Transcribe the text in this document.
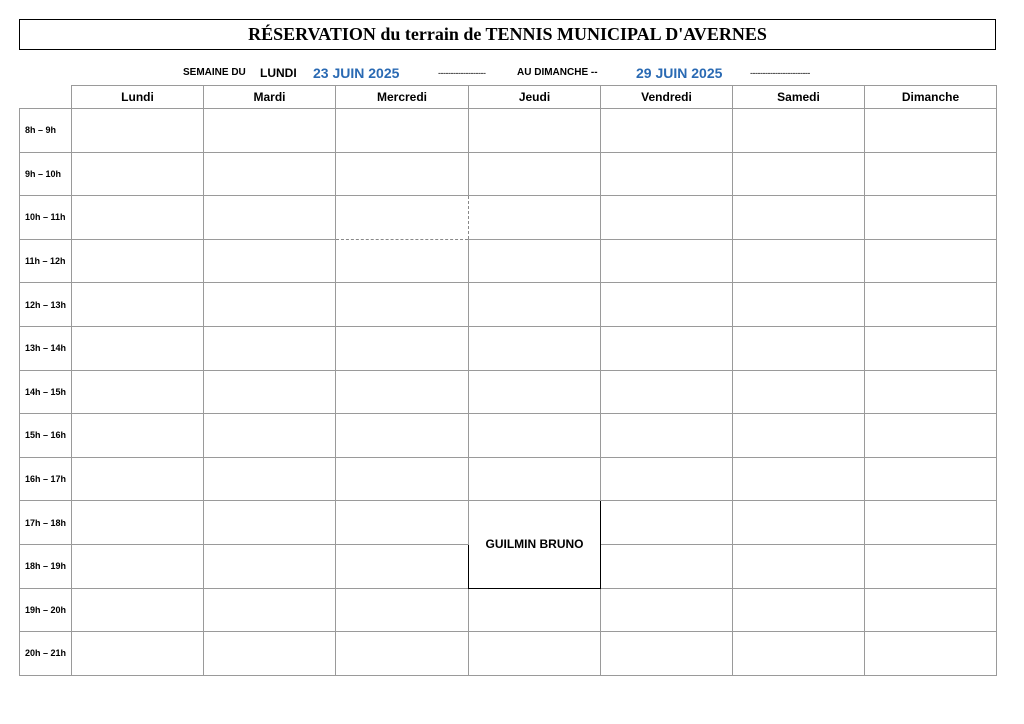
RÉSERVATION du terrain de TENNIS MUNICIPAL D'AVERNES
SEMAINE DU LUNDI 23 JUIN 2025	-------------------	AU DIMANCHE --	29 JUIN 2025	------------------------
	Lundi	Mardi	Mercredi	Jeudi	Vendredi	Samedi	Dimanche
8h – 9h							
9h – 10h							
10h – 11h							
11h – 12h							
12h – 13h							
13h – 14h							
14h – 15h							
15h – 16h							
16h – 17h							
17h – 18h				GUILMIN BRUNO			
18h – 19h							
19h – 20h							
20h – 21h							
